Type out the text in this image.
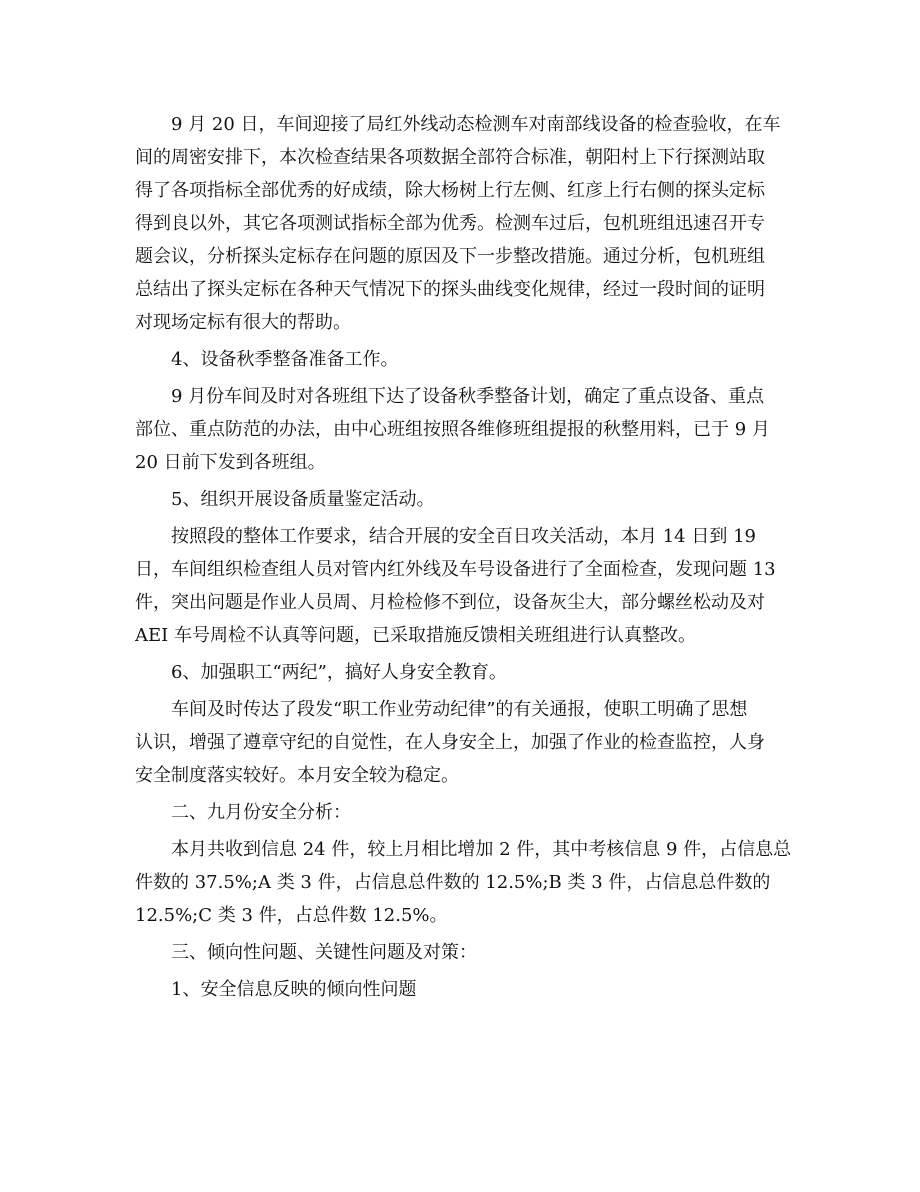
9 月 20 日，车间迎接了局红外线动态检测车对南部线设备的检查验收，在车
间的周密安排下，本次检查结果各项数据全部符合标准，朝阳村上下行探测站取
得了各项指标全部优秀的好成绩，除大杨树上行左侧、红彦上行右侧的探头定标
得到良以外，其它各项测试指标全部为优秀。检测车过后，包机班组迅速召开专
题会议，分析探头定标存在问题的原因及下一步整改措施。通过分析，包机班组
总结出了探头定标在各种天气情况下的探头曲线变化规律，经过一段时间的证明
对现场定标有很大的帮助。

4、设备秋季整备准备工作。

9 月份车间及时对各班组下达了设备秋季整备计划，确定了重点设备、重点
部位、重点防范的办法，由中心班组按照各维修班组提报的秋整用料，已于 9 月
20 日前下发到各班组。

5、组织开展设备质量鉴定活动。

按照段的整体工作要求，结合开展的安全百日攻关活动，本月 14 日到 19
日，车间组织检查组人员对管内红外线及车号设备进行了全面检查，发现问题 13
件，突出问题是作业人员周、月检检修不到位，设备灰尘大，部分螺丝松动及对
AEI 车号周检不认真等问题，已采取措施反馈相关班组进行认真整改。

6、加强职工“两纪”，搞好人身安全教育。

车间及时传达了段发“职工作业劳动纪律”的有关通报，使职工明确了思想
认识，增强了遵章守纪的自觉性，在人身安全上，加强了作业的检查监控，人身
安全制度落实较好。本月安全较为稳定。

二、九月份安全分析：

本月共收到信息 24 件，较上月相比增加 2 件，其中考核信息 9 件，占信息总
件数的 37.5%;A 类 3 件，占信息总件数的 12.5%;B 类 3 件，占信息总件数的
12.5%;C 类 3 件，占总件数 12.5%。

三、倾向性问题、关键性问题及对策：

1、安全信息反映的倾向性问题
